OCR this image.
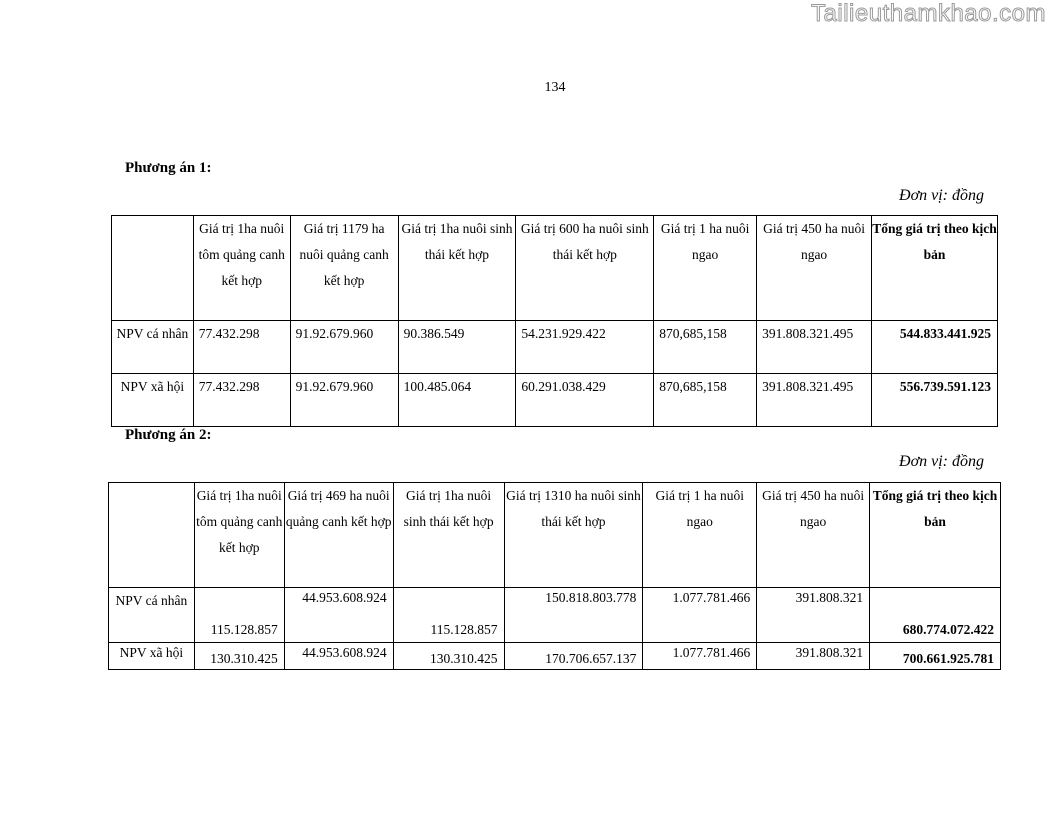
Tailieuthamkhao.com
134
Phương án 1:
Đơn vị: đồng
	Giá trị 1ha nuôi tôm quảng canh kết hợp	Giá trị 1179 ha nuôi quảng canh kết hợp	Giá trị 1ha nuôi sinh thái kết hợp	Giá trị 600 ha nuôi sinh thái kết hợp	Giá trị 1 ha nuôi ngao	Giá trị 450 ha nuôi ngao	Tổng giá trị theo kịch bản
NPV cá nhân	77.432.298	91.92.679.960	90.386.549	54.231.929.422	870,685,158	391.808.321.495	544.833.441.925
NPV xã hội	77.432.298	91.92.679.960	100.485.064	60.291.038.429	870,685,158	391.808.321.495	556.739.591.123
Phương án 2:
Đơn vị: đồng
	Giá trị 1ha nuôi tôm quảng canh kết hợp	Giá trị 469 ha nuôi quảng canh kết hợp	Giá trị 1ha nuôi sinh thái kết hợp	Giá trị 1310 ha nuôi sinh thái kết hợp	Giá trị 1 ha nuôi ngao	Giá trị 450 ha nuôi ngao	Tổng giá trị theo kịch bản
NPV cá nhân	115.128.857	44.953.608.924	115.128.857	150.818.803.778	1.077.781.466	391.808.321	680.774.072.422
NPV xã hội	130.310.425	44.953.608.924	130.310.425	170.706.657.137	1.077.781.466	391.808.321	700.661.925.781
